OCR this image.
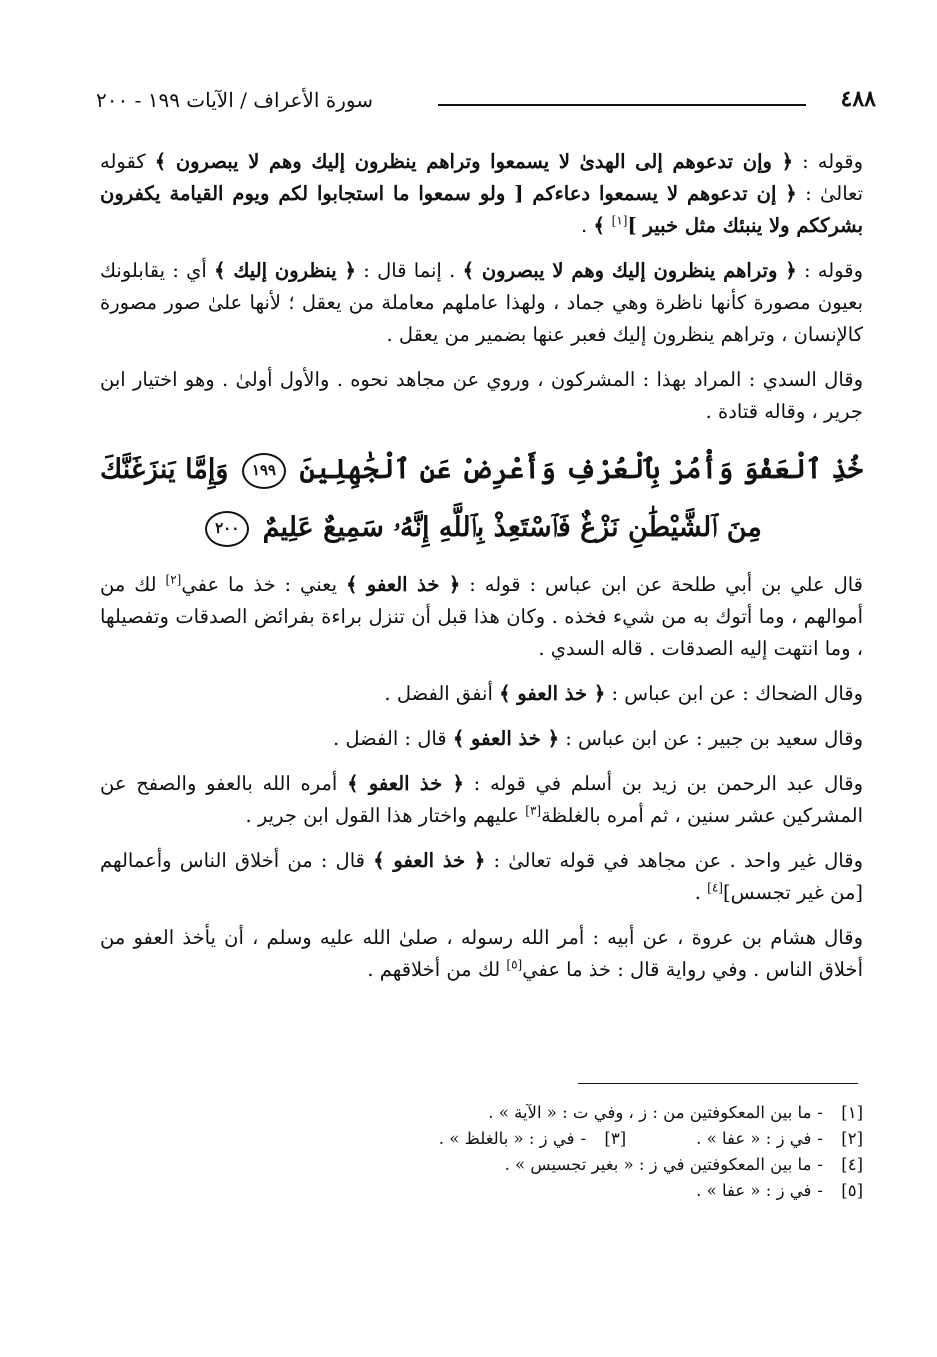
٤٨٨
سورة الأعراف / الآيات ١٩٩ - ٢٠٠

وقوله : ﴿ وإن تدعوهم إلى الهدىٰ لا يسمعوا وتراهم ينظرون إليك وهم لا يبصرون ﴾ كقوله تعالىٰ : ﴿ إن تدعوهم لا يسمعوا دعاءكم [ ولو سمعوا ما استجابوا لكم ويوم القيامة يكفرون بشرككم ولا ينبئك مثل خبير ][١] ﴾ .

وقوله : ﴿ وتراهم ينظرون إليك وهم لا يبصرون ﴾ . إنما قال : ﴿ ينظرون إليك ﴾ أي : يقابلونك بعيون مصورة كأنها ناظرة وهي جماد ، ولهذا عاملهم معاملة من يعقل ؛ لأنها علىٰ صور مصورة كالإنسان ، وتراهم ينظرون إليك فعبر عنها بضمير من يعقل .

وقال السدي : المراد بهذا : المشركون ، وروي عن مجاهد نحوه . والأول أولىٰ . وهو اختيار ابن جرير ، وقاله قتادة .

خُذِ ٱلْعَفْوَ وَأْمُرْ بِٱلْعُرْفِ وَأَعْرِضْ عَنِ ٱلْجَٰهِلِينَ ١٩٩ وَإِمَّا يَنزَغَنَّكَ مِنَ ٱلشَّيْطَٰنِ نَزْغٌ فَٱسْتَعِذْ بِٱللَّهِ إِنَّهُۥ سَمِيعٌ عَلِيمٌ ٢٠٠

قال علي بن أبي طلحة عن ابن عباس : قوله : ﴿ خذ العفو ﴾ يعني : خذ ما عفي[٢] لك من أموالهم ، وما أتوك به من شيء فخذه . وكان هذا قبل أن تنزل براءة بفرائض الصدقات وتفصيلها ، وما انتهت إليه الصدقات . قاله السدي .

وقال الضحاك : عن ابن عباس : ﴿ خذ العفو ﴾ أنفق الفضل .

وقال سعيد بن جبير : عن ابن عباس : ﴿ خذ العفو ﴾ قال : الفضل .

وقال عبد الرحمن بن زيد بن أسلم في قوله : ﴿ خذ العفو ﴾ أمره الله بالعفو والصفح عن المشركين عشر سنين ، ثم أمره بالغلظة[٣] عليهم واختار هذا القول ابن جرير .

وقال غير واحد . عن مجاهد في قوله تعالىٰ : ﴿ خذ العفو ﴾ قال : من أخلاق الناس وأعمالهم [من غير تجسس][٤] .

وقال هشام بن عروة ، عن أبيه : أمر الله رسوله ، صلىٰ الله عليه وسلم ، أن يأخذ العفو من أخلاق الناس . وفي رواية قال : خذ ما عفي[٥] لك من أخلاقهم .

[١]-ما بين المعكوفتين من : ز ، وفي ت : « الآية » .
[٢]-في ز : « عفا » .[٣]-في ز : « بالغلظ » .
[٤]-ما بين المعكوفتين في ز : « بغير تجسيس » .
[٥]-في ز : « عفا » .
